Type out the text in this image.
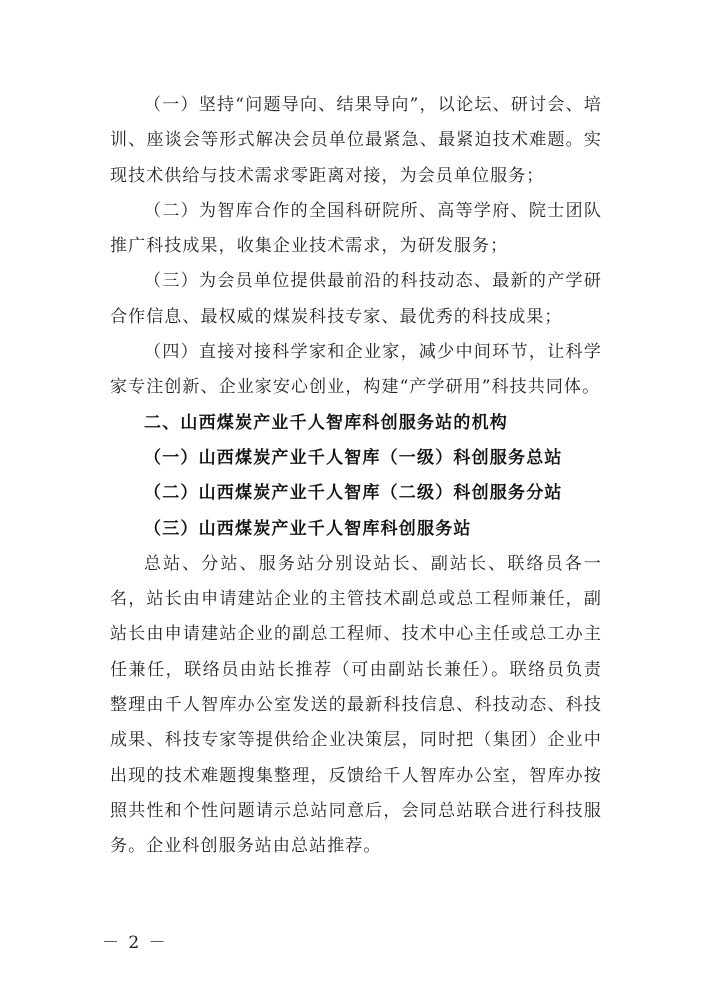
（一）坚持“问题导向、结果导向”，以论坛、研讨会、培训、座谈会等形式解决会员单位最紧急、最紧迫技术难题。实现技术供给与技术需求零距离对接，为会员单位服务；

（二）为智库合作的全国科研院所、高等学府、院士团队推广科技成果，收集企业技术需求，为研发服务；

（三）为会员单位提供最前沿的科技动态、最新的产学研合作信息、最权威的煤炭科技专家、最优秀的科技成果；

（四）直接对接科学家和企业家，减少中间环节，让科学家专注创新、企业家安心创业，构建“产学研用”科技共同体。

二、山西煤炭产业千人智库科创服务站的机构

（一）山西煤炭产业千人智库（一级）科创服务总站

（二）山西煤炭产业千人智库（二级）科创服务分站

（三）山西煤炭产业千人智库科创服务站

总站、分站、服务站分别设站长、副站长、联络员各一名，站长由申请建站企业的主管技术副总或总工程师兼任，副站长由申请建站企业的副总工程师、技术中心主任或总工办主任兼任，联络员由站长推荐（可由副站长兼任）。联络员负责整理由千人智库办公室发送的最新科技信息、科技动态、科技成果、科技专家等提供给企业决策层，同时把（集团）企业中出现的技术难题搜集整理，反馈给千人智库办公室，智库办按照共性和个性问题请示总站同意后，会同总站联合进行科技服务。企业科创服务站由总站推荐。

－ 2 －
